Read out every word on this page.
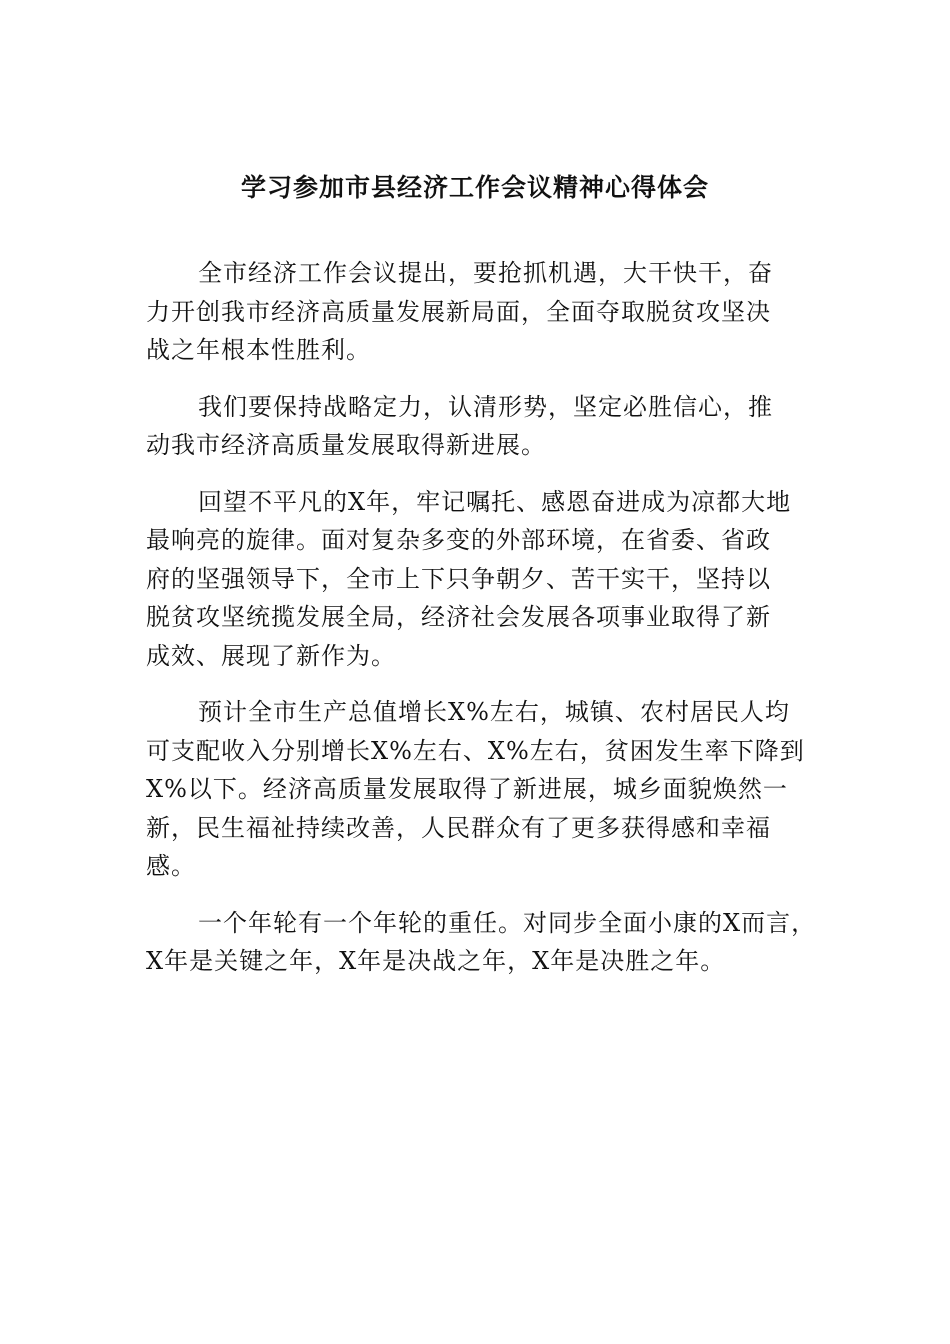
学习参加市县经济工作会议精神心得体会

全市经济工作会议提出，要抢抓机遇，大干快干，奋
力开创我市经济高质量发展新局面，全面夺取脱贫攻坚决
战之年根本性胜利。

我们要保持战略定力，认清形势，坚定必胜信心，推
动我市经济高质量发展取得新进展。

回望不平凡的X年，牢记嘱托、感恩奋进成为凉都大地
最响亮的旋律。面对复杂多变的外部环境，在省委、省政
府的坚强领导下，全市上下只争朝夕、苦干实干，坚持以
脱贫攻坚统揽发展全局，经济社会发展各项事业取得了新
成效、展现了新作为。

预计全市生产总值增长X%左右，城镇、农村居民人均
可支配收入分别增长X%左右、X%左右，贫困发生率下降到
X%以下。经济高质量发展取得了新进展，城乡面貌焕然一
新，民生福祉持续改善，人民群众有了更多获得感和幸福
感。

一个年轮有一个年轮的重任。对同步全面小康的X而言，
X年是关键之年，X年是决战之年，X年是决胜之年。
